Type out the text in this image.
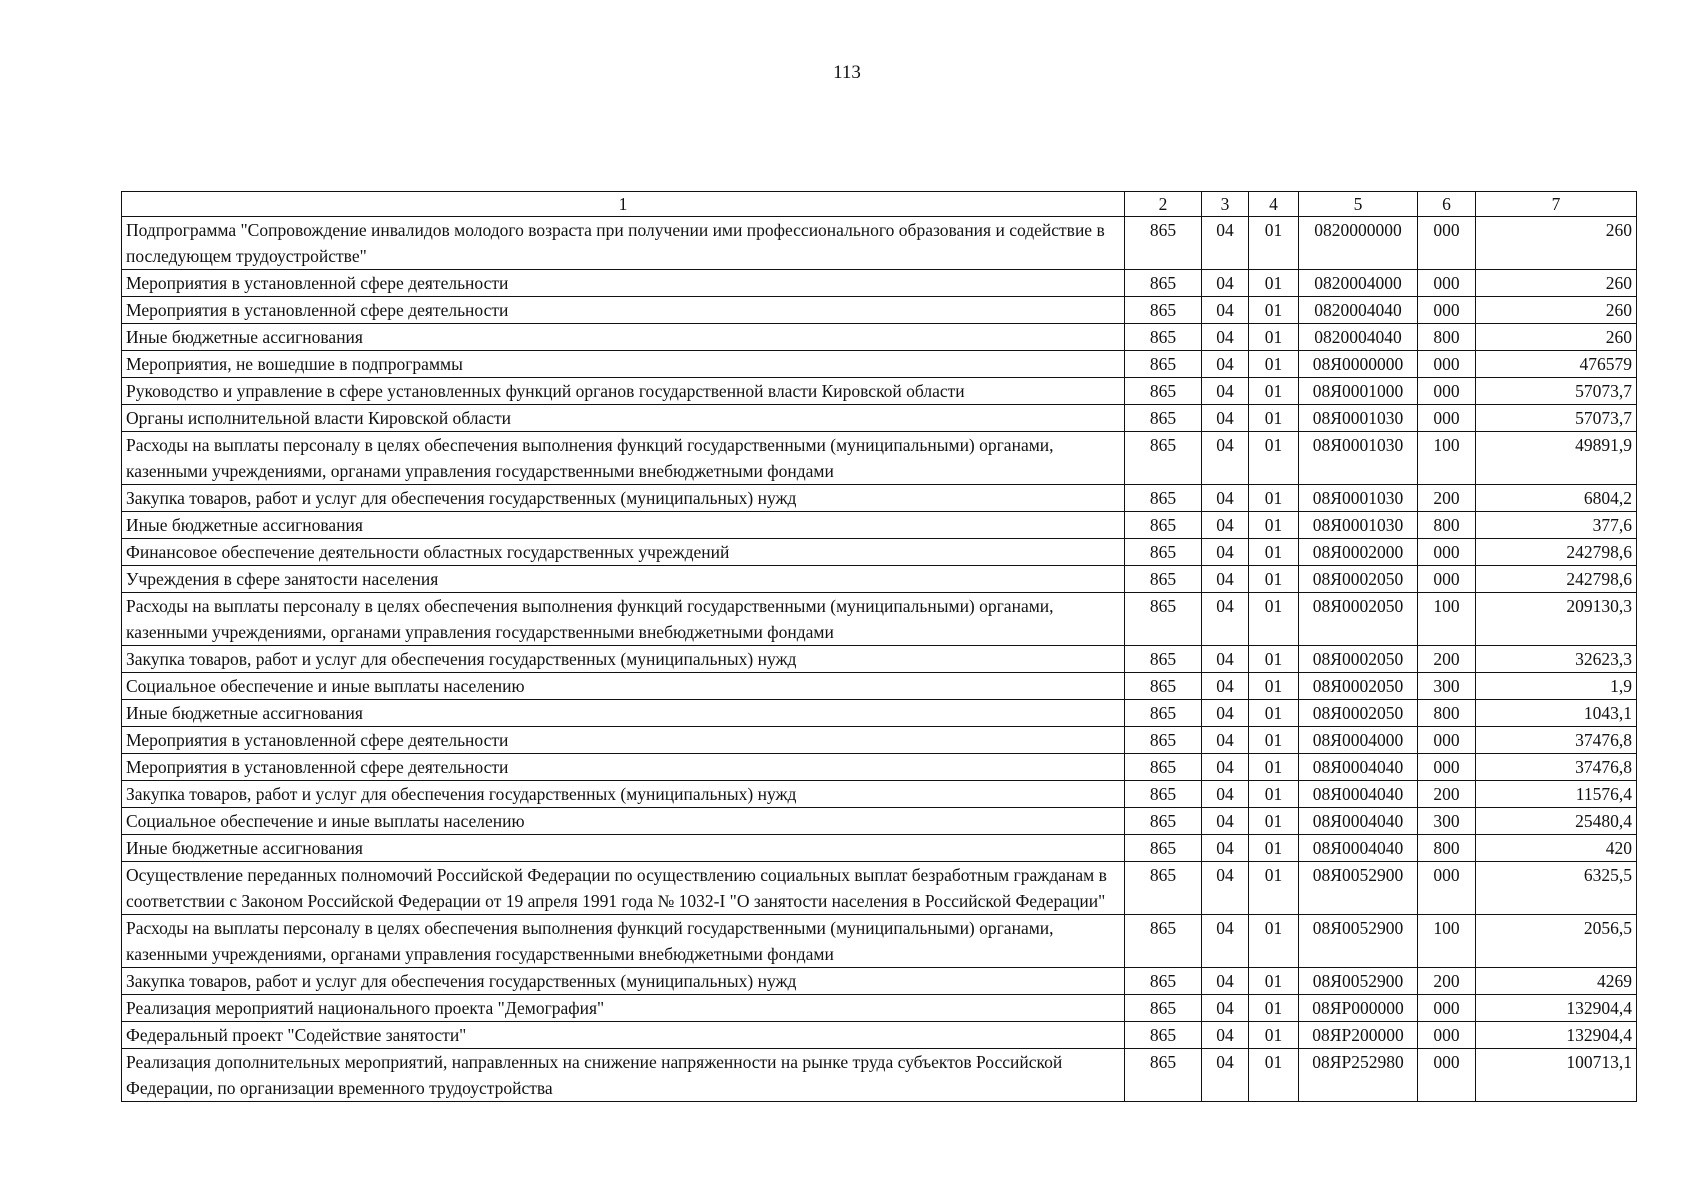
113
1	2	3	4	5	6	7
Подпрограмма "Сопровождение инвалидов молодого возраста при получении ими профессионального образования и содействие в последующем трудоустройстве"	865	04	01	0820000000	000	260
Мероприятия в установленной сфере деятельности	865	04	01	0820004000	000	260
Мероприятия в установленной сфере деятельности	865	04	01	0820004040	000	260
Иные бюджетные ассигнования	865	04	01	0820004040	800	260
Мероприятия, не вошедшие в подпрограммы	865	04	01	08Я0000000	000	476579
Руководство и управление в сфере установленных функций органов государственной власти Кировской области	865	04	01	08Я0001000	000	57073,7
Органы исполнительной власти Кировской области	865	04	01	08Я0001030	000	57073,7
Расходы на выплаты персоналу в целях обеспечения выполнения функций государственными (муниципальными) органами, казенными учреждениями, органами управления государственными внебюджетными фондами	865	04	01	08Я0001030	100	49891,9
Закупка товаров, работ и услуг для обеспечения государственных (муниципальных) нужд	865	04	01	08Я0001030	200	6804,2
Иные бюджетные ассигнования	865	04	01	08Я0001030	800	377,6
Финансовое обеспечение деятельности областных государственных учреждений	865	04	01	08Я0002000	000	242798,6
Учреждения в сфере занятости населения	865	04	01	08Я0002050	000	242798,6
Расходы на выплаты персоналу в целях обеспечения выполнения функций государственными (муниципальными) органами, казенными учреждениями, органами управления государственными внебюджетными фондами	865	04	01	08Я0002050	100	209130,3
Закупка товаров, работ и услуг для обеспечения государственных (муниципальных) нужд	865	04	01	08Я0002050	200	32623,3
Социальное обеспечение и иные выплаты населению	865	04	01	08Я0002050	300	1,9
Иные бюджетные ассигнования	865	04	01	08Я0002050	800	1043,1
Мероприятия в установленной сфере деятельности	865	04	01	08Я0004000	000	37476,8
Мероприятия в установленной сфере деятельности	865	04	01	08Я0004040	000	37476,8
Закупка товаров, работ и услуг для обеспечения государственных (муниципальных) нужд	865	04	01	08Я0004040	200	11576,4
Социальное обеспечение и иные выплаты населению	865	04	01	08Я0004040	300	25480,4
Иные бюджетные ассигнования	865	04	01	08Я0004040	800	420
Осуществление переданных полномочий Российской Федерации по осуществлению социальных выплат безработным гражданам в соответствии с Законом Российской Федерации от 19 апреля 1991 года № 1032-I "О занятости населения в Российской Федерации"	865	04	01	08Я0052900	000	6325,5
Расходы на выплаты персоналу в целях обеспечения выполнения функций государственными (муниципальными) органами, казенными учреждениями, органами управления государственными внебюджетными фондами	865	04	01	08Я0052900	100	2056,5
Закупка товаров, работ и услуг для обеспечения государственных (муниципальных) нужд	865	04	01	08Я0052900	200	4269
Реализация мероприятий национального проекта "Демография"	865	04	01	08ЯР000000	000	132904,4
Федеральный проект "Содействие занятости"	865	04	01	08ЯР200000	000	132904,4
Реализация дополнительных мероприятий, направленных на снижение напряженности на рынке труда субъектов Российской Федерации, по организации временного трудоустройства	865	04	01	08ЯР252980	000	100713,1
